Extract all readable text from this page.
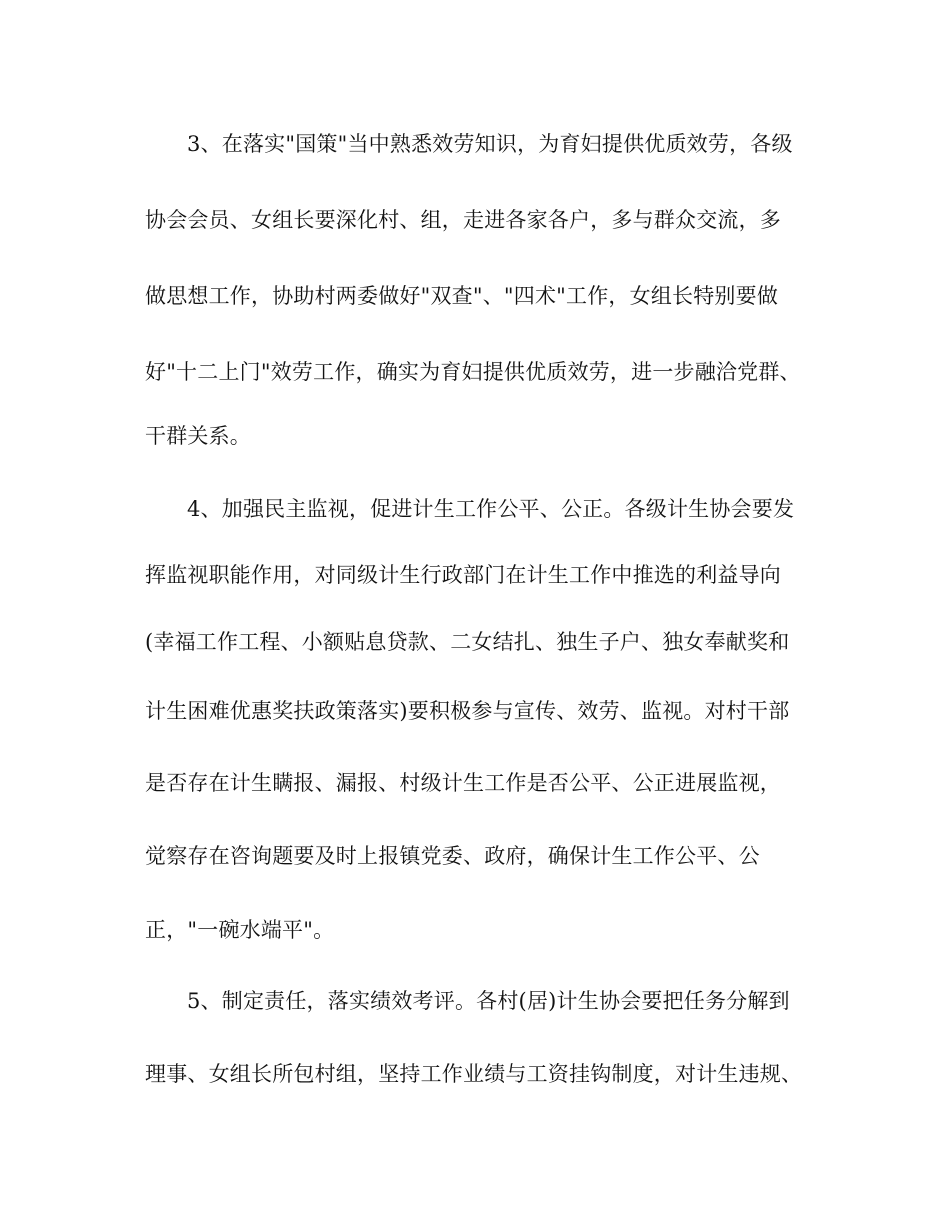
3、在落实"国策"当中熟悉效劳知识，为育妇提供优质效劳，各级
协会会员、女组长要深化村、组，走进各家各户，多与群众交流，多
做思想工作，协助村两委做好"双查"、"四术"工作，女组长特别要做
好"十二上门"效劳工作，确实为育妇提供优质效劳，进一步融洽党群、
干群关系。
4、加强民主监视，促进计生工作公平、公正。各级计生协会要发
挥监视职能作用，对同级计生行政部门在计生工作中推选的利益导向
(幸福工作工程、小额贴息贷款、二女结扎、独生子户、独女奉献奖和
计生困难优惠奖扶政策落实)要积极参与宣传、效劳、监视。对村干部
是否存在计生瞒报、漏报、村级计生工作是否公平、公正进展监视，
觉察存在咨询题要及时上报镇党委、政府，确保计生工作公平、公
正，"一碗水端平"。
5、制定责任，落实绩效考评。各村(居)计生协会要把任务分解到
理事、女组长所包村组，坚持工作业绩与工资挂钩制度，对计生违规、
